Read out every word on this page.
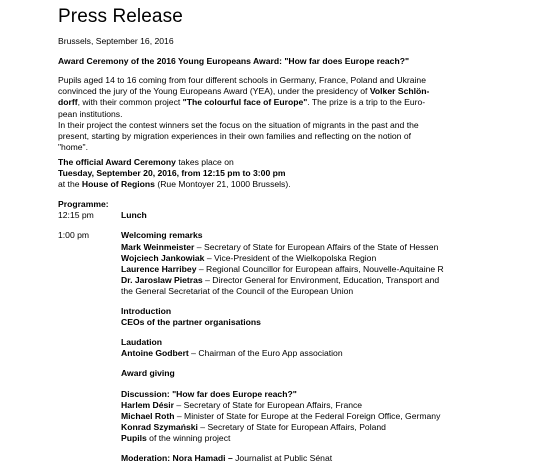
Press Release
Brussels, September 16, 2016
Award Ceremony of the 2016 Young Europeans Award: "How far does Europe reach?"
Pupils aged 14 to 16 coming from four different schools in Germany, France, Poland and Ukraine
convinced the jury of the Young Europeans Award (YEA), under the presidency of Volker Schlön-
dorff, with their common project "The colourful face of Europe". The prize is a trip to the Euro-
pean institutions.
In their project the contest winners set the focus on the situation of migrants in the past and the
present, starting by migration experiences in their own families and reflecting on the notion of
"home".
The official Award Ceremony takes place on
Tuesday, September 20, 2016, from 12:15 pm to 3:00 pm
at the House of Regions (Rue Montoyer 21, 1000 Brussels).
Programme:
12:15 pm	Lunch
1:00 pm	Welcoming remarks
Mark Weinmeister – Secretary of State for European Affairs of the State of Hessen
Wojciech Jankowiak – Vice-President of the Wielkopolska Region
Laurence Harribey – Regional Councillor for European affairs, Nouvelle-Aquitaine R
Dr. Jaroslaw Pietras – Director General for Environment, Education, Transport and
the General Secretariat of the Council of the European Union
Introduction
CEOs of the partner organisations
Laudation
Antoine Godbert – Chairman of the Euro App association
Award giving
Discussion: "How far does Europe reach?"
Harlem Désir – Secretary of State for European Affairs, France
Michael Roth – Minister of State for Europe at the Federal Foreign Office, Germany
Konrad Szymański – Secretary of State for European Affairs, Poland
Pupils of the winning project
Moderation: Nora Hamadi – Journalist at Public Sénat
